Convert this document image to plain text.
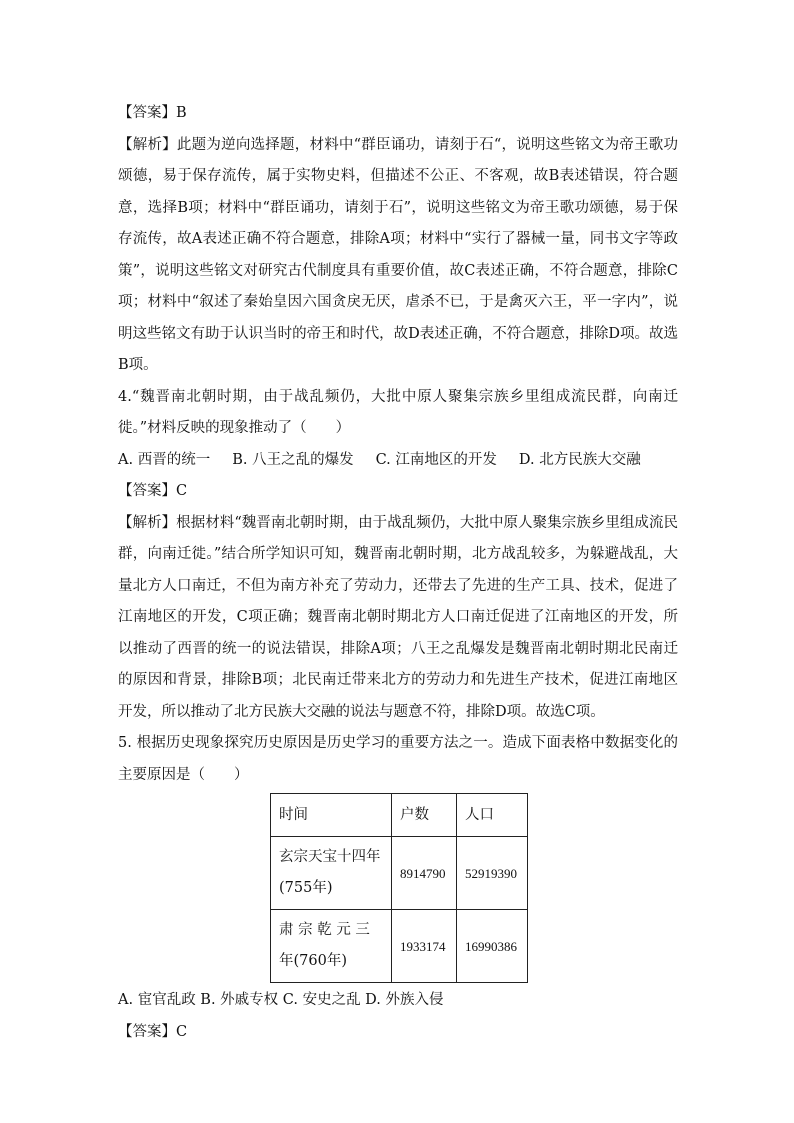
【答案】B

【解析】此题为逆向选择题，材料中“群臣诵功，请刻于石“，说明这些铭文为帝王歌功颂德，易于保存流传，属于实物史料，但描述不公正、不客观，故B表述错误，符合题意，选择B项；材料中“群臣诵功，请刻于石”，说明这些铭文为帝王歌功颂德，易于保存流传，故A表述正确不符合题意，排除A项；材料中“实行了器械一量，同书文字等政策”，说明这些铭文对研究古代制度具有重要价值，故C表述正确，不符合题意，排除C项；材料中“叙述了秦始皇因六国贪戾无厌，虐杀不已，于是禽灭六王，平一字内”，说明这些铭文有助于认识当时的帝王和时代，故D表述正确，不符合题意，排除D项。故选B项。

4.“魏晋南北朝时期，由于战乱频仍，大批中原人聚集宗族乡里组成流民群，向南迁徙。”材料反映的现象推动了（　　）

A. 西晋的统一 B. 八王之乱的爆发 C. 江南地区的开发 D. 北方民族大交融

【答案】C

【解析】根据材料“魏晋南北朝时期，由于战乱频仍，大批中原人聚集宗族乡里组成流民群，向南迁徙。”结合所学知识可知，魏晋南北朝时期，北方战乱较多，为躲避战乱，大量北方人口南迁，不但为南方补充了劳动力，还带去了先进的生产工具、技术，促进了江南地区的开发，C项正确；魏晋南北朝时期北方人口南迁促进了江南地区的开发，所以推动了西晋的统一的说法错误，排除A项；八王之乱爆发是魏晋南北朝时期北民南迁的原因和背景，排除B项；北民南迁带来北方的劳动力和先进生产技术，促进江南地区开发，所以推动了北方民族大交融的说法与题意不符，排除D项。故选C项。

5. 根据历史现象探究历史原因是历史学习的重要方法之一。造成下面表格中数据变化的主要原因是（　　）

时间	户数	人口
玄宗天宝十四年(755年)	8914790	52919390
肃 宗 乾 元 三 年(760年)	1933174	16990386

A. 宦官乱政 B. 外戚专权 C. 安史之乱 D. 外族入侵

【答案】C
